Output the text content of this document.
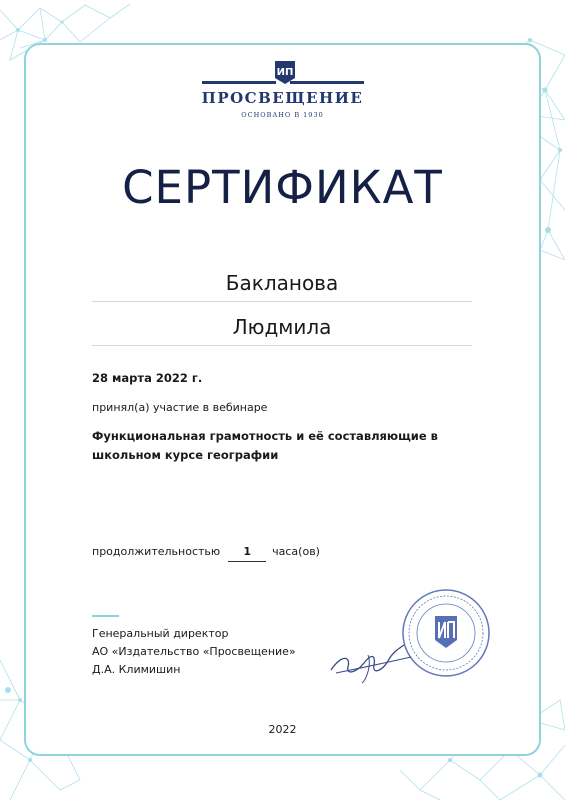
ИП
ПРОСВЕЩЕНИЕ
ОСНОВАНО В 1930
СЕРТИФИКАТ
Бакланова
Людмила
28 марта 2022 г.
принял(а) участие в вебинаре
Функциональная грамотность и её составляющие в школьном курсе географии
продолжительностью 1 часа(ов)
Генеральный директор
АО «Издательство «Просвещение»
Д.А. Климишин
2022
